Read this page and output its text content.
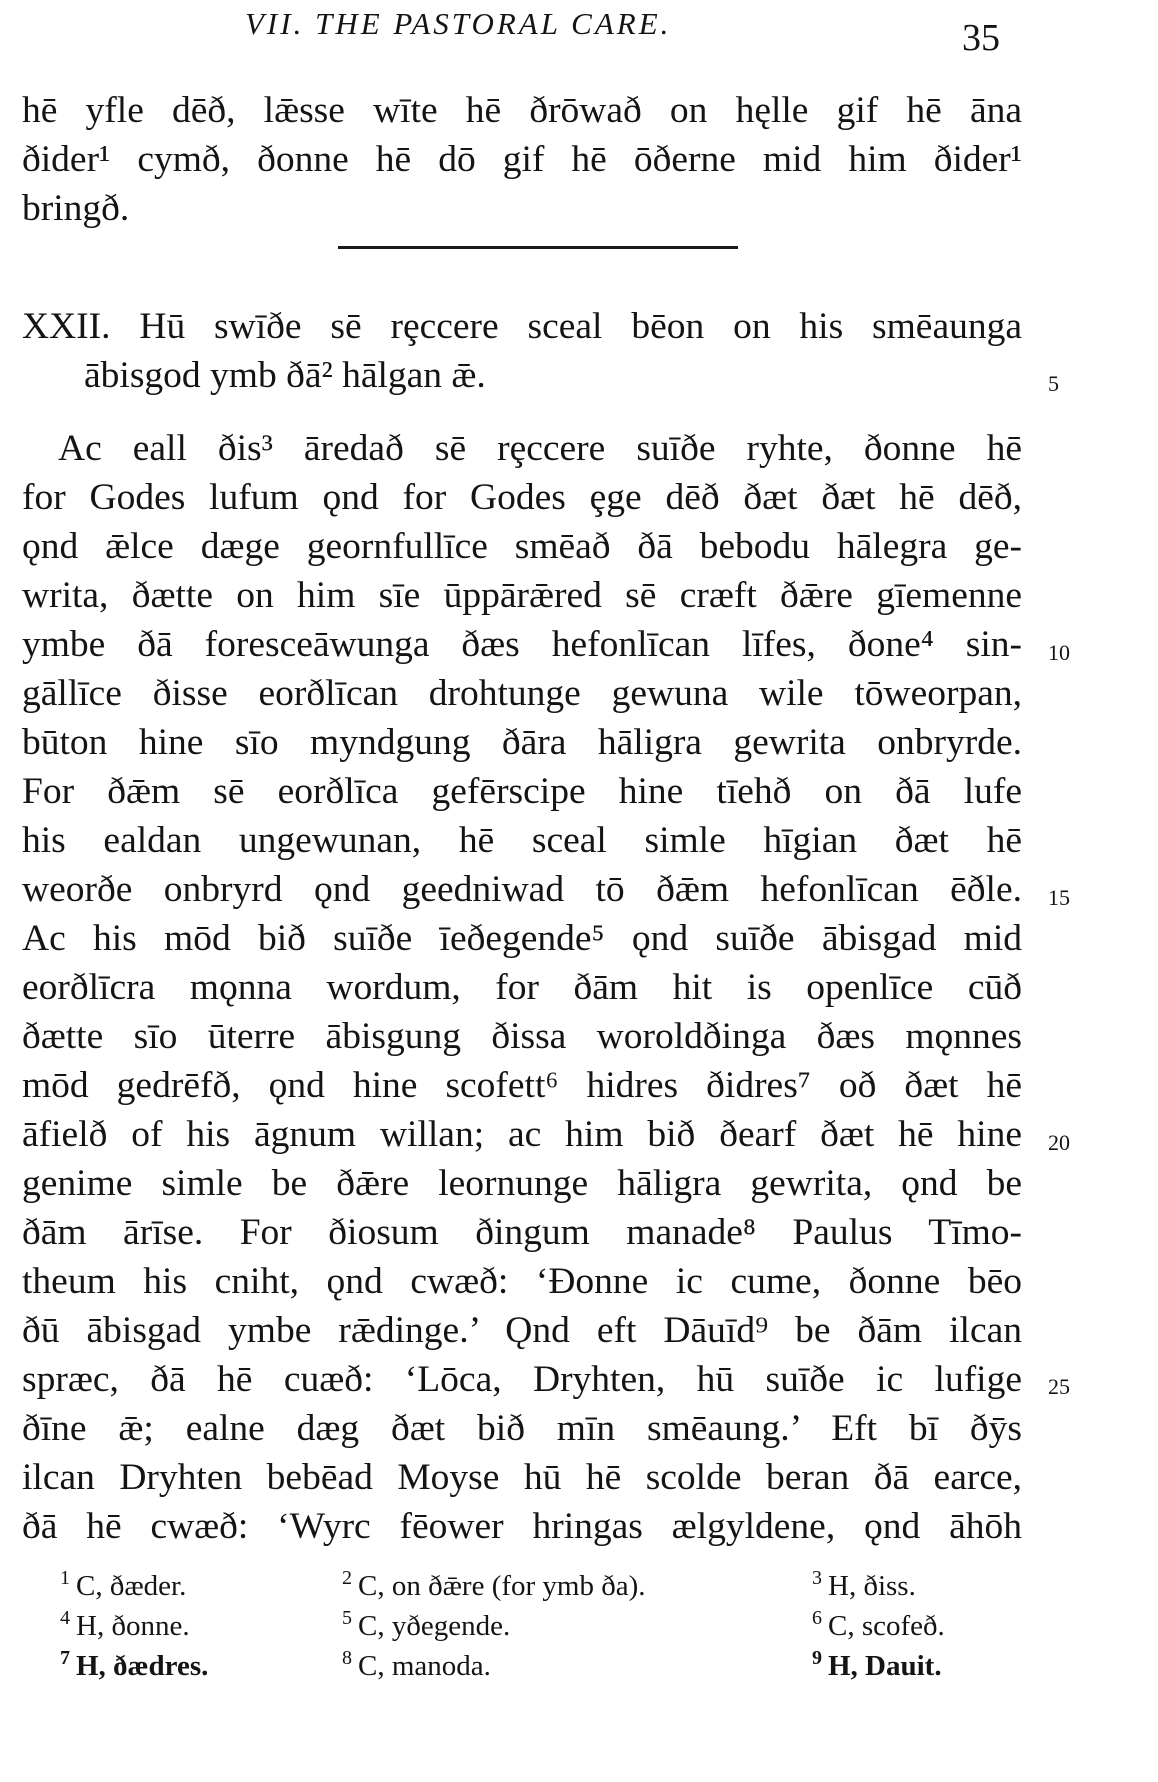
VII. THE PASTORAL CARE.	35
hē yfle dēð, lǣsse wīte hē ðrōwað on hęlle gif hē āna
ðider¹ cymð, ðonne hē dō gif hē ōðerne mid him ðider¹
bringð.
XXII. Hū swīðe sē rȩccere sceal bēon on his smēaunga
ābisgod ymb ðā² hālgan ǣ.
Ac eall ðis³ āredað sē rȩccere suīðe ryhte, ðonne hē
for Godes lufum ǫnd for Godes ȩge dēð ðæt ðæt hē dēð,
ǫnd ǣlce dæge geornfullīce smēað ðā bebodu hālegra ge-
writa, ðætte on him sīe ūppārǣred sē cræft ðǣre gīemenne
ymbe ðā foresceāwunga ðæs hefonlīcan līfes, ðone⁴ sin-
gāllīce ðisse eorðlīcan drohtunge gewuna wile tōweorpan,
būton hine sīo myndgung ðāra hāligra gewrita onbryrde.
For ðǣm sē eorðlīca gefērscipe hine tīehð on ðā lufe
his ealdan ungewunan, hē sceal simle hīgian ðæt hē
weorðe onbryrd ǫnd geedniwad tō ðǣm hefonlīcan ēðle.
Ac his mōd bið suīðe īeðegende⁵ ǫnd suīðe ābisgad mid
eorðlīcra mǫnna wordum, for ðām hit is openlīce cūð
ðætte sīo ūterre ābisgung ðissa woroldðinga ðæs mǫnnes
mōd gedrēfð, ǫnd hine scofett⁶ hidres ðidres⁷ oð ðæt hē
āfielð of his āgnum willan; ac him bið ðearf ðæt hē hine
genime simle be ðǣre leornunge hāligra gewrita, ǫnd be
ðām ārīse. For ðiosum ðingum manade⁸ Paulus Tīmo-
theum his cniht, ǫnd cwæð: ‘Ðonne ic cume, ðonne bēo
ðū ābisgad ymbe rǣdinge.’ Ǫnd eft Dāuīd⁹ be ðām ilcan
spræc, ðā hē cuæð: ‘Lōca, Dryhten, hū suīðe ic lufige
ðīne ǣ; ealne dæg ðæt bið mīn smēaung.’ Eft bī ðȳs
ilcan Dryhten bebēad Moyse hū hē scolde beran ðā earce,
ðā hē cwæð: ‘Wyrc fēower hringas ælgyldene, ǫnd āhōh
5
10
15
20
25
$^1$ C, ðæder.	$^2$ C, on ðǣre (for ymb ða).	$^3$ H, ðiss.
$^4$ H, ðonne.	$^5$ C, yðegende.	$^6$ C, scofeð.
$^7$ H, ðædres.	$^8$ C, manoda.	$^9$ H, Dauit.
